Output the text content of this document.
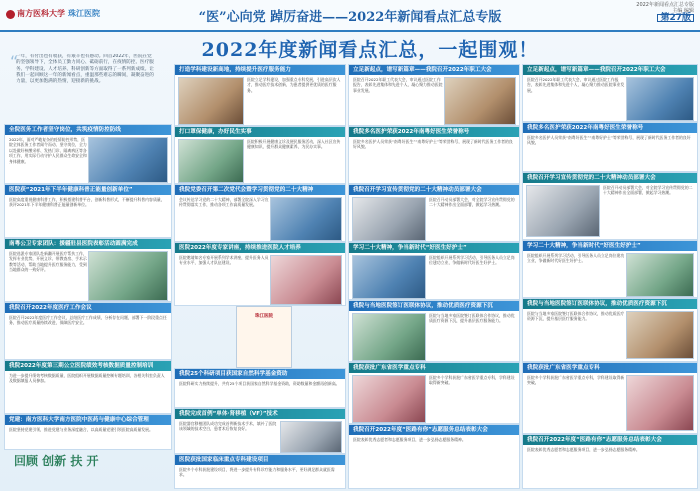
南方医科大学 珠江医院	“医”心向党 踔厉奋进——2022年新闻看点汇总专版
2022年新闻看点汇总专版
主编 编辑
第27版
2022年度新闻看点汇总，一起围观！
“
一年，有付出也有收获，有艰辛也有感动。回首2022年，医院在党的坚强领导下，全体员工勠力同心、砥砺前行，在疫情防控、医疗服务、学科建设、人才培养、科研创新等方面取得了一系列新成绩。让我们一起回顾这一年的新闻看点，重温那些难忘的瞬间，凝聚奋进的力量，以更加饱满的热情，迎接新的挑战。
全院医务工作者坚守岗位，共筑疫情防控防线
2022年，面对严峻复杂的疫情防控形势，医院全体医务工作者闻令而动、坚守岗位，全力以赴做好核酸采样、发热门诊、隔离病区等各项工作，用实际行动守护人民群众生命安全和身体健康。
医院获“2021年下半年健康科普正能量创新单位”
医院高度重视健康科普工作，积极搭建科普平台，创新科普形式，不断提升科普内容质量，获评2021年下半年健康科普正能量创新单位。
南粤公卫专家团队：援疆驻县医院表彰活动圆满完成
医院选派专家团队赴新疆开展医疗帮扶工作，发挥专业优势，开展义诊、带教查房、手术示教等活动，帮助当地提升医疗服务能力，受到当地群众的一致好评。
我院召开2022年度医疗工作会议
医院召开2022年度医疗工作会议，总结医疗工作成绩，分析存在问题，部署下一阶段重点任务，推动医疗质量持续改进，保障医疗安全。
我院2022年度第三期公立医院绩效考核数据质量控制培训
为进一步提升绩效考核数据质量，医院组织开展数据质量控制专题培训，各相关科室负责人及数据填报人员参加。
党建：南方医科大学南方医院中医药与健康中心综合管理
医院坚持党建引领，推进党建与业务深度融合，以高质量党建引领医院高质量发展。
回顾 创新 扶 开
打造学科建设新高地，持续提升医疗服务能力
医院立足学科建设，加强重点专科发展，引进高层次人才，推动医疗技术创新，为患者提供更优质的医疗服务。
打口罩保健康，办好民生实事
医院积极开展健康义诊及便民服务活动，深入社区宣传健康知识，提升群众健康素养，为民办实事。
我院党委召开第二次党代会暨学习贯彻党的二十大精神
会议传达学习党的二十大精神，部署全院深入学习宣传贯彻落实工作，推动各项工作高质量发展。
医院2022年度专家讲座，持续推进医院人才培养
医院邀请知名专家开展系列学术讲座，提升医务人员专业水平，加强人才队伍建设。
珠江医院
我院25个科研项目获国家自然科学基金资助
医院科研实力持续提升，共有25个项目获国家自然科学基金资助，资助数量和金额再创新高。
我院完成首例“单体·肾移植（VF）”技术
医院器官移植团队成功完成首例新技术手术，填补了医院该领域的技术空白，患者术后恢复良好。
医院获批国家临床重点专科建设项目
医院多个专科获批建设项目，将进一步提升专科诊疗能力和服务水平，更好满足群众就医需求。
立足新起点，谱写新篇章——我院召开2022年职工大会
医院召开2022年职工代表大会，审议通过医院工作报告，表彰先进集体和先进个人，凝心聚力推动医院事业发展。
我院多名医护荣获2022年南粤好医生荣誉称号
医院多名医护人员荣获“南粤好医生”“南粤好护士”等荣誉称号，展现了新时代医务工作者的良好风貌。
我院召开学习宣传贯彻党的二十大精神动员部署大会
医院召开动员部署大会，对全院学习宣传贯彻党的二十大精神作出全面部署，掀起学习热潮。
学习二十大精神，争当新时代“好医生好护士”
医院组织开展系列学习活动，引导医务人员立足岗位建功立业，争做新时代好医生好护士。
我院与当地医院签订医联体协议，推动优质医疗资源下沉
医院与当地多家医院签订医联体合作协议，推动优质医疗资源下沉，提升基层医疗服务能力。
我院获批广东省医学重点专科
医院多个学科获批广东省医学重点专科，学科建设取得新突破。
我院召开2022年度“医路有你”志愿服务总结表彰大会
医院表彰优秀志愿者和志愿服务项目，进一步弘扬志愿服务精神。
立足新起点，谱写新篇章——我院召开2022年职工大会
医院召开2022年职工代表大会，审议通过医院工作报告，表彰先进集体和先进个人，凝心聚力推动医院事业发展。
我院多名医护荣获2022年南粤好医生荣誉称号
医院多名医护人员荣获“南粤好医生”“南粤好护士”等荣誉称号，展现了新时代医务工作者的良好风貌。
我院召开学习宣传贯彻党的二十大精神动员部署大会
医院召开动员部署大会，对全院学习宣传贯彻党的二十大精神作出全面部署，掀起学习热潮。
学习二十大精神，争当新时代“好医生好护士”
医院组织开展系列学习活动，引导医务人员立足岗位建功立业，争做新时代好医生好护士。
我院与当地医院签订医联体协议，推动优质医疗资源下沉
医院与当地多家医院签订医联体合作协议，推动优质医疗资源下沉，提升基层医疗服务能力。
我院获批广东省医学重点专科
医院多个学科获批广东省医学重点专科，学科建设取得新突破。
我院召开2022年度“医路有你”志愿服务总结表彰大会
医院表彰优秀志愿者和志愿服务项目，进一步弘扬志愿服务精神。
